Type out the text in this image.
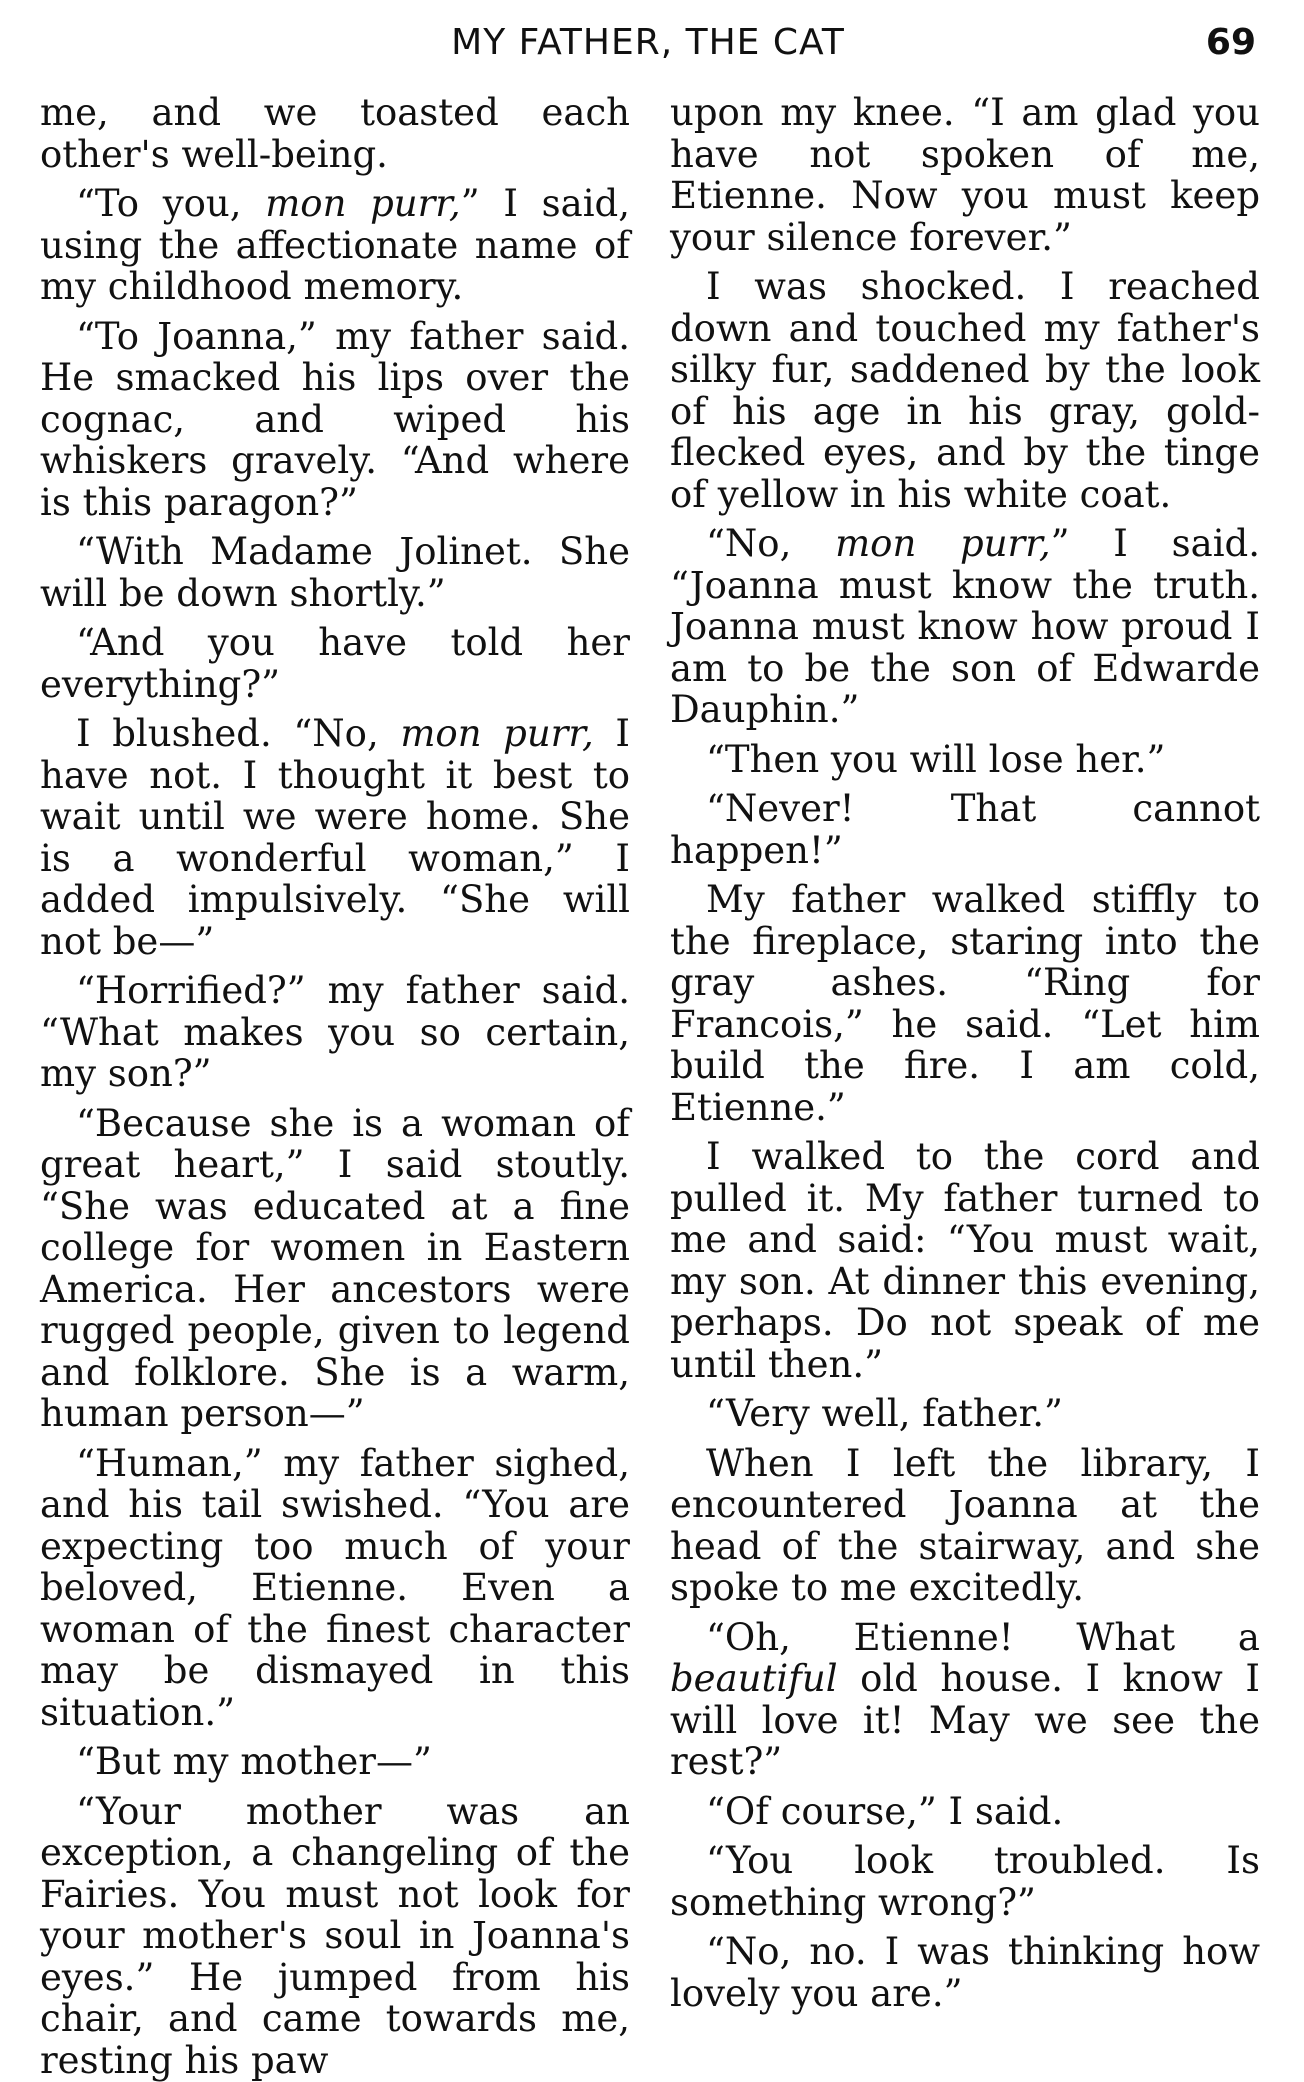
MY FATHER, THE CAT	69

me, and we toasted each other's well-being.

“To you, mon purr,” I said, using the affectionate name of my childhood memory.

“To Joanna,” my father said. He smacked his lips over the cognac, and wiped his whiskers gravely. “And where is this paragon?”

“With Madame Jolinet. She will be down shortly.”

“And you have told her everything?”

I blushed. “No, mon purr, I have not. I thought it best to wait until we were home. She is a wonderful woman,” I added impulsively. “She will not be—”

“Horrified?” my father said. “What makes you so certain, my son?”

“Because she is a woman of great heart,” I said stoutly. “She was educated at a fine college for women in Eastern America. Her ancestors were rugged people, given to legend and folklore. She is a warm, human person—”

“Human,” my father sighed, and his tail swished. “You are expecting too much of your beloved, Etienne. Even a woman of the finest character may be dismayed in this situation.”

“But my mother—”

“Your mother was an exception, a changeling of the Fairies. You must not look for your mother's soul in Joanna's eyes.” He jumped from his chair, and came towards me, resting his paw

upon my knee. “I am glad you have not spoken of me, Etienne. Now you must keep your silence forever.”

I was shocked. I reached down and touched my father's silky fur, saddened by the look of his age in his gray, gold-flecked eyes, and by the tinge of yellow in his white coat.

“No, mon purr,” I said. “Joanna must know the truth. Joanna must know how proud I am to be the son of Edwarde Dauphin.”

“Then you will lose her.”

“Never! That cannot happen!”

My father walked stiffly to the fireplace, staring into the gray ashes. “Ring for Francois,” he said. “Let him build the fire. I am cold, Etienne.”

I walked to the cord and pulled it. My father turned to me and said: “You must wait, my son. At dinner this evening, perhaps. Do not speak of me until then.”

“Very well, father.”

When I left the library, I encountered Joanna at the head of the stairway, and she spoke to me excitedly.

“Oh, Etienne! What a beautiful old house. I know I will love it! May we see the rest?”

“Of course,” I said.

“You look troubled. Is something wrong?”

“No, no. I was thinking how lovely you are.”
